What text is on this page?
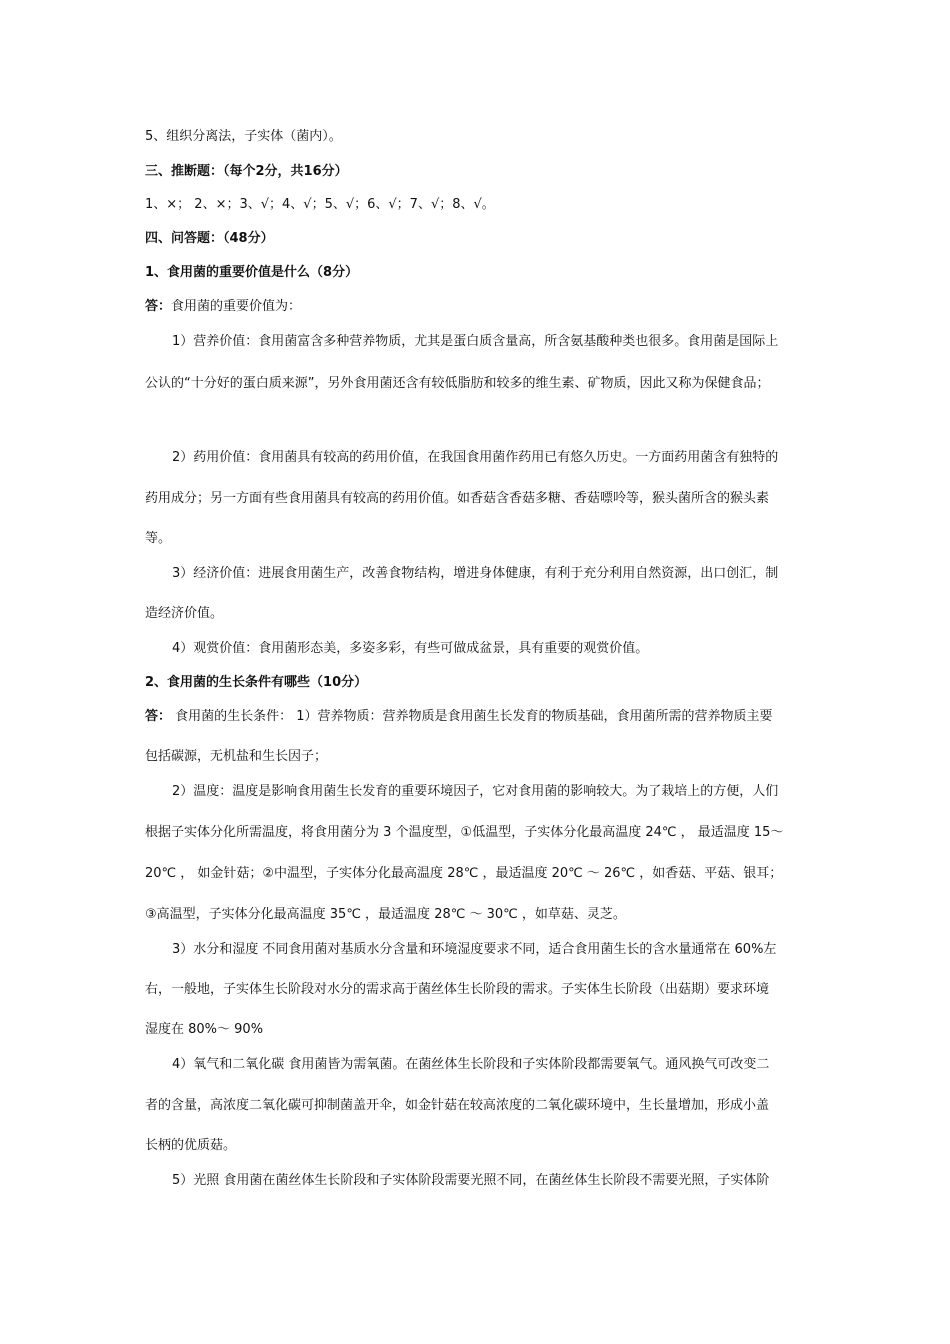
5、组织分离法，子实体（菌内）。
三、推断题：（每个2分，共16分）
1、×； 2、×；3、√；4、√；5、√；6、√；7、√；8、√。
四、问答题：（48分）
1、食用菌的重要价值是什么（8分）
答：食用菌的重要价值为：
1）营养价值：食用菌富含多种营养物质，尤其是蛋白质含量高，所含氨基酸种类也很多。食用菌是国际上
公认的“十分好的蛋白质来源”，另外食用菌还含有较低脂肪和较多的维生素、矿物质，因此又称为保健食品；
2）药用价值：食用菌具有较高的药用价值，在我国食用菌作药用已有悠久历史。一方面药用菌含有独特的
药用成分；另一方面有些食用菌具有较高的药用价值。如香菇含香菇多糖、香菇嘌呤等，猴头菌所含的猴头素
等。
3）经济价值：进展食用菌生产，改善食物结构，增进身体健康，有利于充分利用自然资源，出口创汇，制
造经济价值。
4）观赏价值：食用菌形态美，多姿多彩，有些可做成盆景，具有重要的观赏价值。
2、食用菌的生长条件有哪些（10分）
答： 食用菌的生长条件： 1）营养物质：营养物质是食用菌生长发育的物质基础，食用菌所需的营养物质主要
包括碳源，无机盐和生长因子；
2）温度：温度是影响食用菌生长发育的重要环境因子，它对食用菌的影响较大。为了栽培上的方便，人们
根据子实体分化所需温度，将食用菌分为 3 个温度型，①低温型，子实体分化最高温度 24℃ ， 最适温度 15～
20℃ ， 如金针菇；②中温型，子实体分化最高温度 28℃ ，最适温度 20℃ ～ 26℃ ，如香菇、平菇、银耳；
③高温型，子实体分化最高温度 35℃ ，最适温度 28℃ ～ 30℃ ，如草菇、灵芝。
3）水分和湿度 不同食用菌对基质水分含量和环境湿度要求不同，适合食用菌生长的含水量通常在 60%左
右，一般地，子实体生长阶段对水分的需求高于菌丝体生长阶段的需求。子实体生长阶段（出菇期）要求环境
湿度在 80%～ 90%
4）氧气和二氧化碳 食用菌皆为需氧菌。在菌丝体生长阶段和子实体阶段都需要氧气。通风换气可改变二
者的含量，高浓度二氧化碳可抑制菌盖开伞，如金针菇在较高浓度的二氧化碳环境中，生长量增加，形成小盖
长柄的优质菇。
5）光照 食用菌在菌丝体生长阶段和子实体阶段需要光照不同，在菌丝体生长阶段不需要光照，子实体阶
